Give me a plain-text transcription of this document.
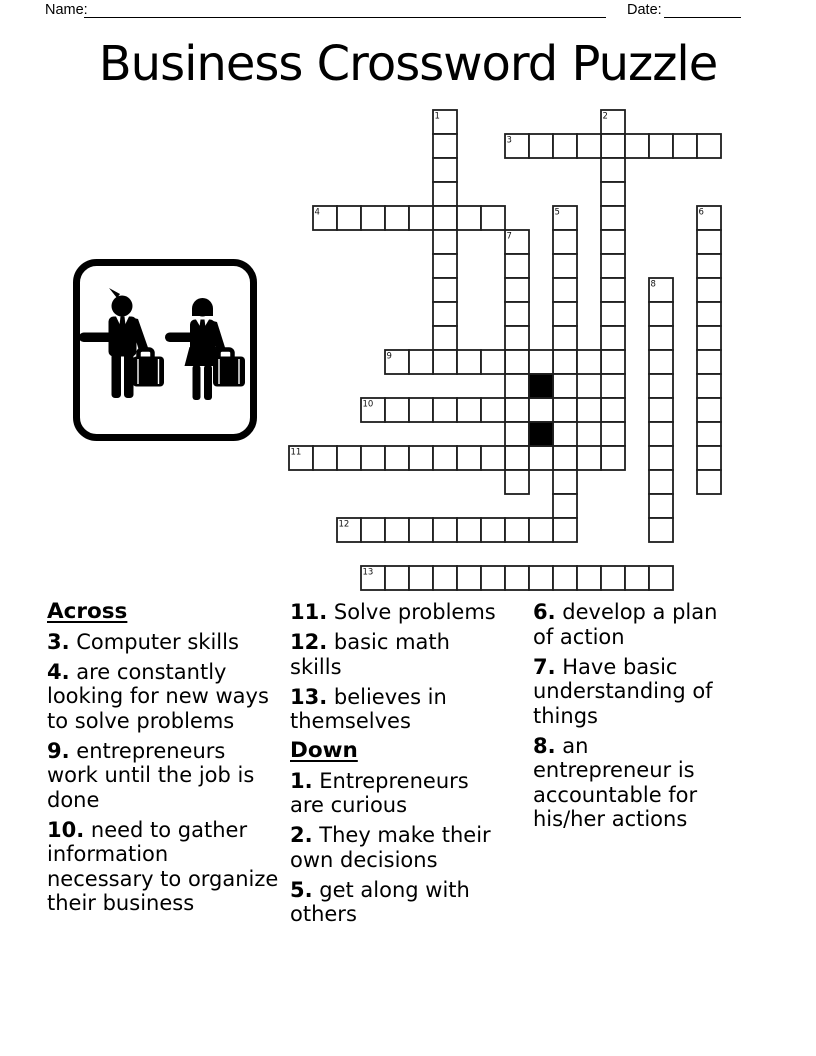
Name:	Date:
Business Crossword Puzzle
1	2
3
4	5	6
7
8
9
10
11
12
13
Across

3. Computer skills

4. are constantly looking for new ways to solve problems

9. entrepreneurs work until the job is done

10. need to gather information necessary to organize their business

11. Solve problems

12. basic math skills

13. believes in themselves

Down

1. Entrepreneurs are curious

2. They make their own decisions

5. get along with others

6. develop a plan of action

7. Have basic understanding of things

8. an entrepreneur is accountable for his/her actions
